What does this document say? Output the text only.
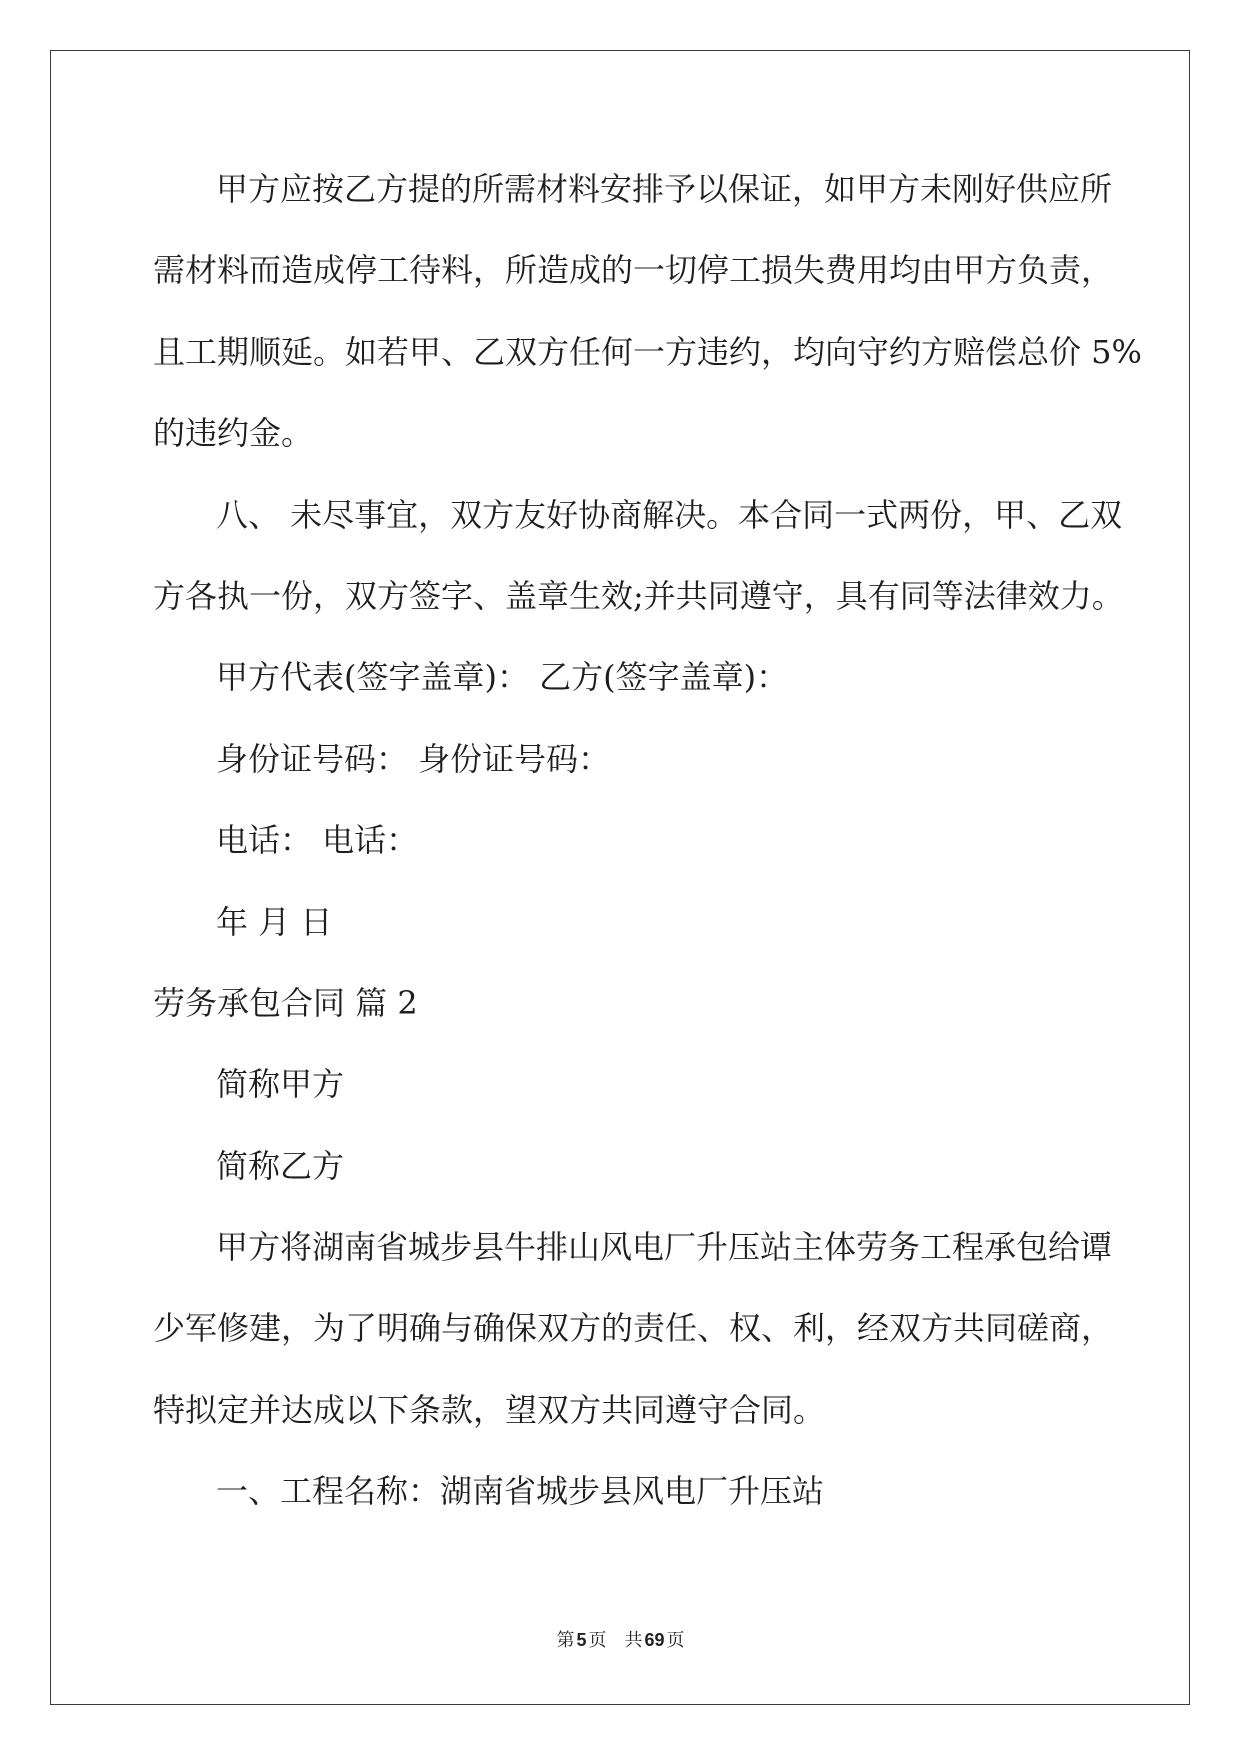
甲方应按乙方提的所需材料安排予以保证，如甲方未刚好供应所
需材料而造成停工待料，所造成的一切停工损失费用均由甲方负责，
且工期顺延。如若甲、乙双方任何一方违约，均向守约方赔偿总价 5%
的违约金。
八、 未尽事宜，双方友好协商解决。本合同一式两份，甲、乙双
方各执一份，双方签字、盖章生效;并共同遵守，具有同等法律效力。
甲方代表(签字盖章)： 乙方(签字盖章)：
身份证号码： 身份证号码：
电话： 电话：
年 月 日
劳务承包合同 篇 2
简称甲方
简称乙方
甲方将湖南省城步县牛排山风电厂升压站主体劳务工程承包给谭
少军修建，为了明确与确保双方的责任、权、利，经双方共同磋商，
特拟定并达成以下条款，望双方共同遵守合同。
一、工程名称：湖南省城步县风电厂升压站
第 5 页 共 69 页
